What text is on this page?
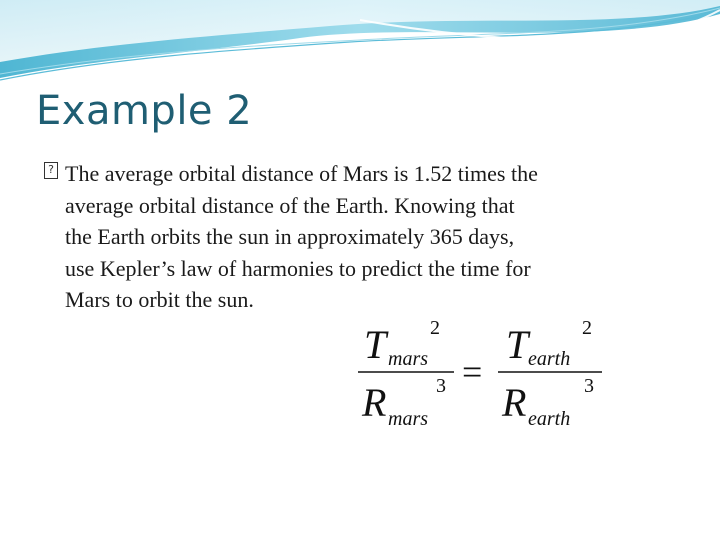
Example 2
? The average orbital distance of Mars is 1.52 times the
average orbital distance of the Earth. Knowing that
the Earth orbits the sun in approximately 365 days,
use Kepler’s law of harmonies to predict the time for
Mars to orbit the sun.

T mars
2
R mars
3 =
T earth
2
R earth
3
